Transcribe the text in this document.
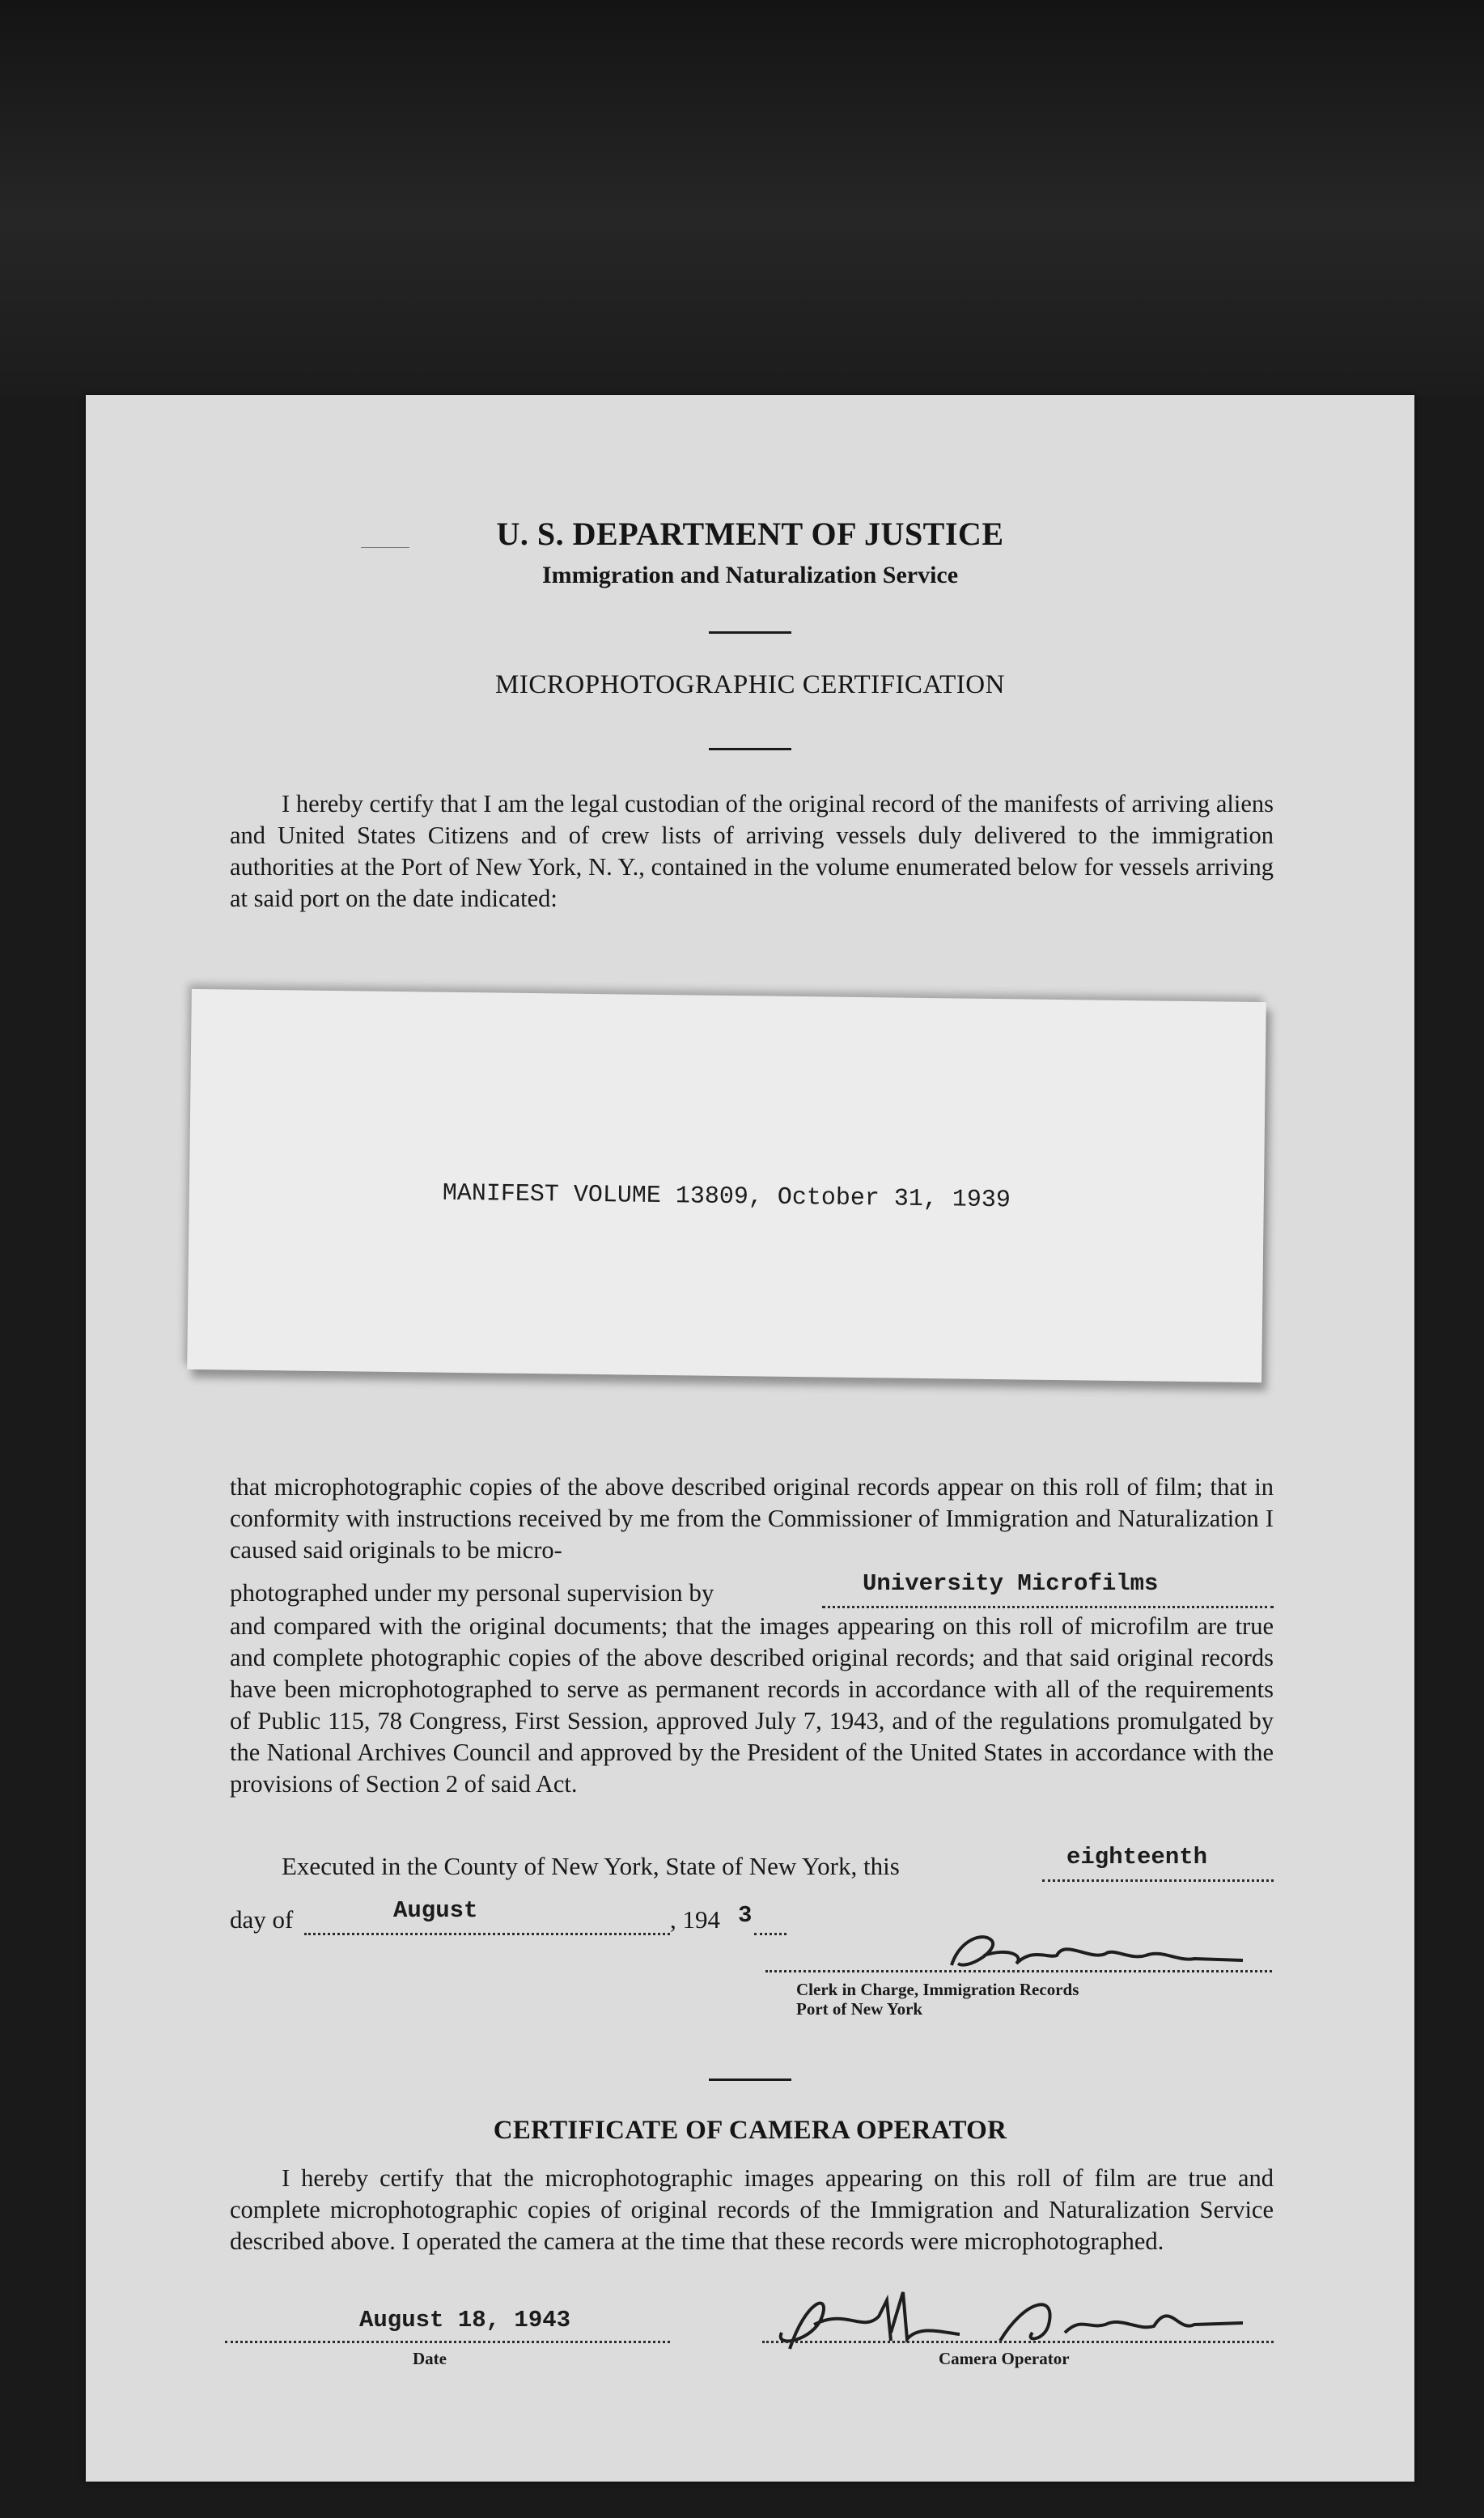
U. S. DEPARTMENT OF JUSTICE
Immigration and Naturalization Service
MICROPHOTOGRAPHIC CERTIFICATION

I hereby certify that I am the legal custodian of the original record of the manifests of arriving aliens and United States Citizens and of crew lists of arriving vessels duly delivered to the immigration authorities at the Port of New York, N. Y., contained in the volume enumerated below for vessels arriving at said port on the date indicated:

MANIFEST VOLUME 13809, October 31, 1939

that microphotographic copies of the above described original records appear on this roll of film; that in conformity with instructions received by me from the Commissioner of Immigration and Naturalization I caused said originals to be micro-

photographed under my personal supervision by	University Microfilms

and compared with the original documents; that the images appearing on this roll of microfilm are true and complete photographic copies of the above described original records; and that said original records have been microphotographed to serve as permanent records in accordance with all of the requirements of Public 115, 78 Congress, First Session, approved July 7, 1943, and of the regulations promulgated by the National Archives Council and approved by the President of the United States in accordance with the provisions of Section 2 of said Act.

Executed in the County of New York, State of New York, this	eighteenth
day of	August	, 194 3
Clerk in Charge, Immigration Records
Port of New York
CERTIFICATE OF CAMERA OPERATOR

I hereby certify that the microphotographic images appearing on this roll of film are true and complete microphotographic copies of original records of the Immigration and Naturalization Service described above. I operated the camera at the time that these records were microphotographed.

August 18, 1943
Date	Camera Operator
